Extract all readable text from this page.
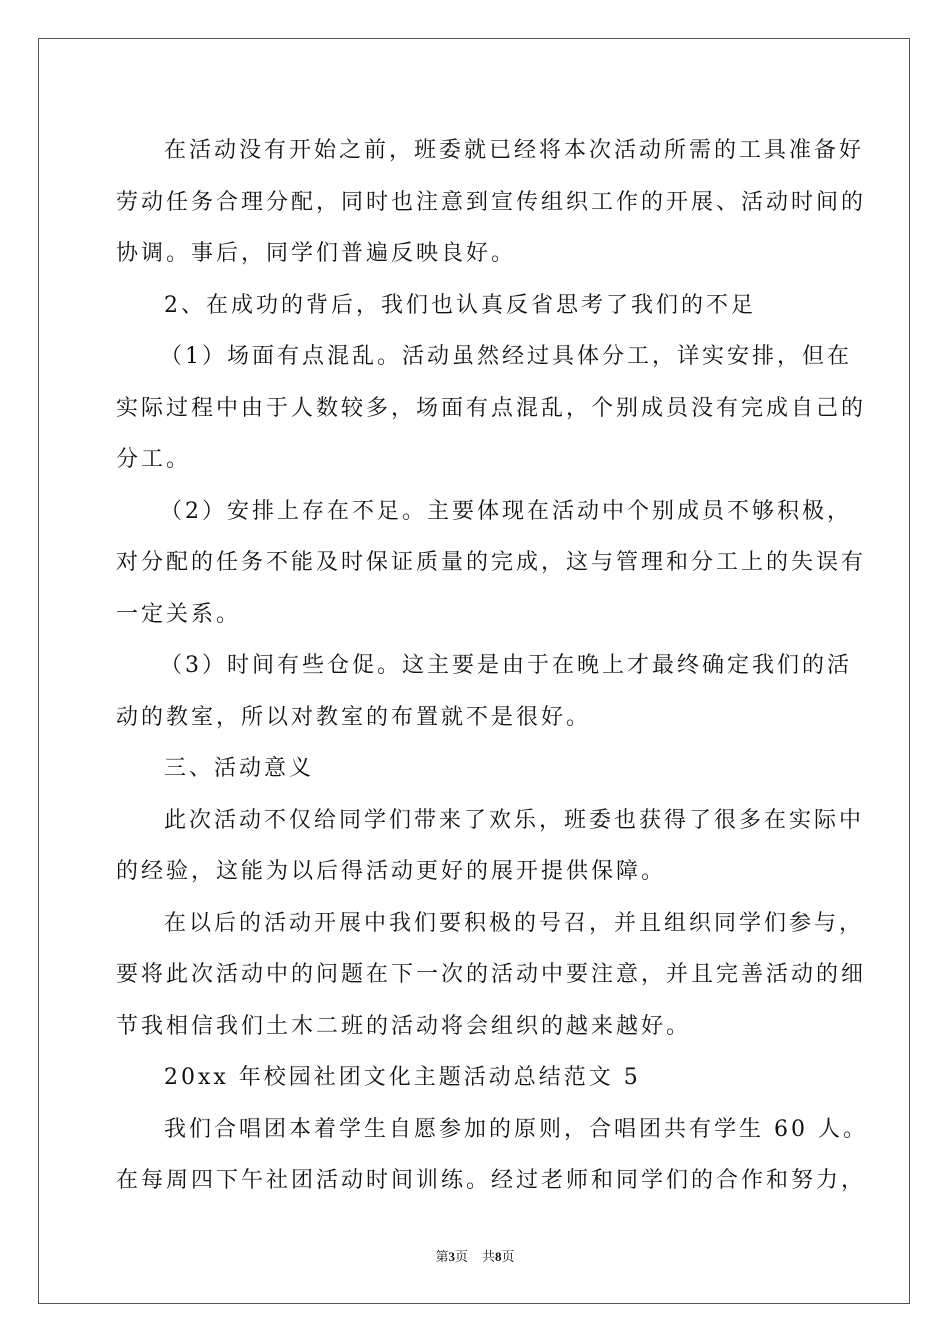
在活动没有开始之前，班委就已经将本次活动所需的工具准备好

劳动任务合理分配，同时也注意到宣传组织工作的开展、活动时间的

协调。事后，同学们普遍反映良好。

2、在成功的背后，我们也认真反省思考了我们的不足

（1）场面有点混乱。活动虽然经过具体分工，详实安排，但在

实际过程中由于人数较多，场面有点混乱，个别成员没有完成自己的

分工。

（2）安排上存在不足。主要体现在活动中个别成员不够积极，

对分配的任务不能及时保证质量的完成，这与管理和分工上的失误有

一定关系。

（3）时间有些仓促。这主要是由于在晚上才最终确定我们的活

动的教室，所以对教室的布置就不是很好。

三、活动意义

此次活动不仅给同学们带来了欢乐，班委也获得了很多在实际中

的经验，这能为以后得活动更好的展开提供保障。

在以后的活动开展中我们要积极的号召，并且组织同学们参与，

要将此次活动中的问题在下一次的活动中要注意，并且完善活动的细

节我相信我们土木二班的活动将会组织的越来越好。

20xx 年校园社团文化主题活动总结范文 5

我们合唱团本着学生自愿参加的原则，合唱团共有学生 60 人。

在每周四下午社团活动时间训练。经过老师和同学们的合作和努力，

第3页 共8页
